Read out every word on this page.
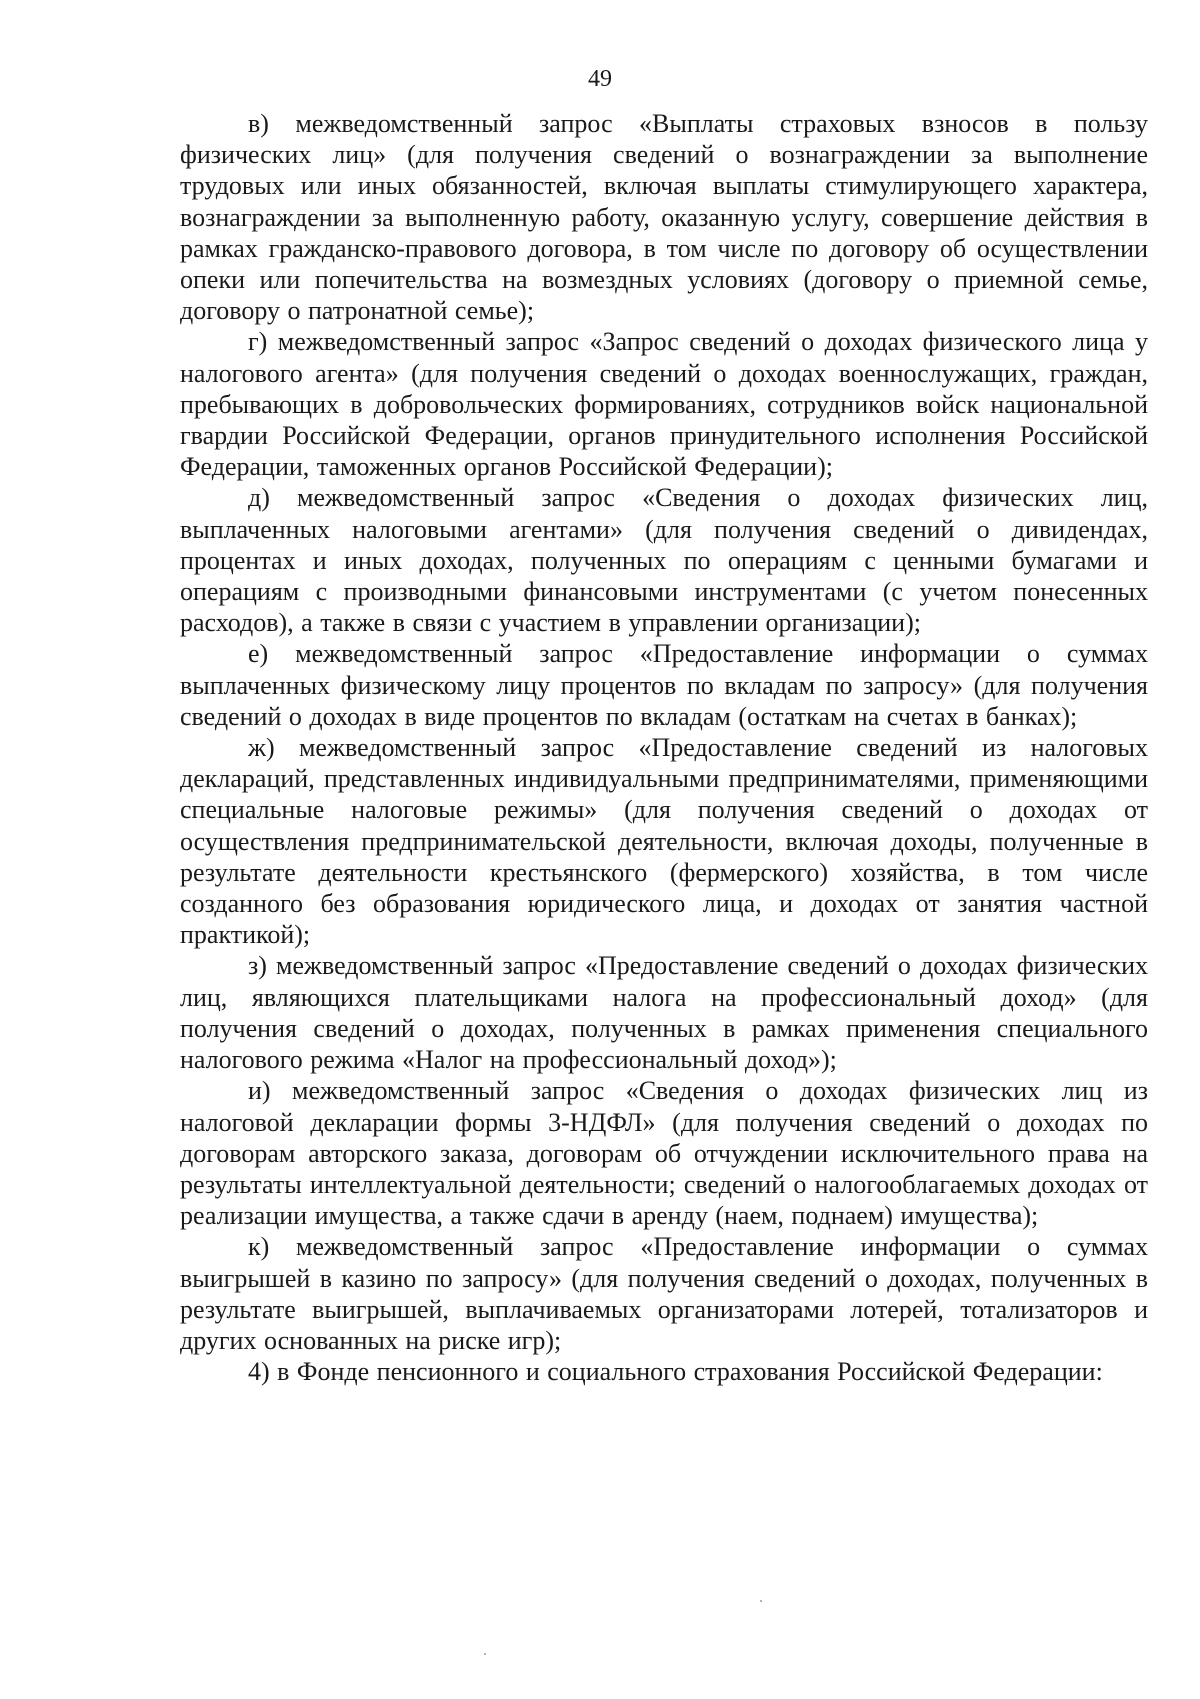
49

в) межведомственный запрос «Выплаты страховых взносов в пользу физических лиц» (для получения сведений о вознаграждении за выполнение трудовых или иных обязанностей, включая выплаты стимулирующего характера, вознаграждении за выполненную работу, оказанную услугу, совершение действия в рамках гражданско-правового договора, в том числе по договору об осуществлении опеки или попечительства на возмездных условиях (договору о приемной семье, договору о патронатной семье);

г) межведомственный запрос «Запрос сведений о доходах физического лица у налогового агента» (для получения сведений о доходах военнослужащих, граждан, пребывающих в добровольческих формированиях, сотрудников войск национальной гвардии Российской Федерации, органов принудительного исполнения Российской Федерации, таможенных органов Российской Федерации);

д) межведомственный запрос «Сведения о доходах физических лиц, выплаченных налоговыми агентами» (для получения сведений о дивидендах, процентах и иных доходах, полученных по операциям с ценными бумагами и операциям с производными финансовыми инструментами (с учетом понесенных расходов), а также в связи с участием в управлении организации);

е) межведомственный запрос «Предоставление информации о суммах выплаченных физическому лицу процентов по вкладам по запросу» (для получения сведений о доходах в виде процентов по вкладам (остаткам на счетах в банках);

ж) межведомственный запрос «Предоставление сведений из налоговых деклараций, представленных индивидуальными предпринимателями, применяющими специальные налоговые режимы» (для получения сведений о доходах от осуществления предпринимательской деятельности, включая доходы, полученные в результате деятельности крестьянского (фермерского) хозяйства, в том числе созданного без образования юридического лица, и доходах от занятия частной практикой);

з) межведомственный запрос «Предоставление сведений о доходах физических лиц, являющихся плательщиками налога на профессиональный доход» (для получения сведений о доходах, полученных в рамках применения специального налогового режима «Налог на профессиональный доход»);

и) межведомственный запрос «Сведения о доходах физических лиц из налоговой декларации формы 3-НДФЛ» (для получения сведений о доходах по договорам авторского заказа, договорам об отчуждении исключительного права на результаты интеллектуальной деятельности; сведений о налогооблагаемых доходах от реализации имущества, а также сдачи в аренду (наем, поднаем) имущества);

к) межведомственный запрос «Предоставление информации о суммах выигрышей в казино по запросу» (для получения сведений о доходах, полученных в результате выигрышей, выплачиваемых организаторами лотерей, тотализаторов и других основанных на риске игр);

4) в Фонде пенсионного и социального страхования Российской Федерации:
